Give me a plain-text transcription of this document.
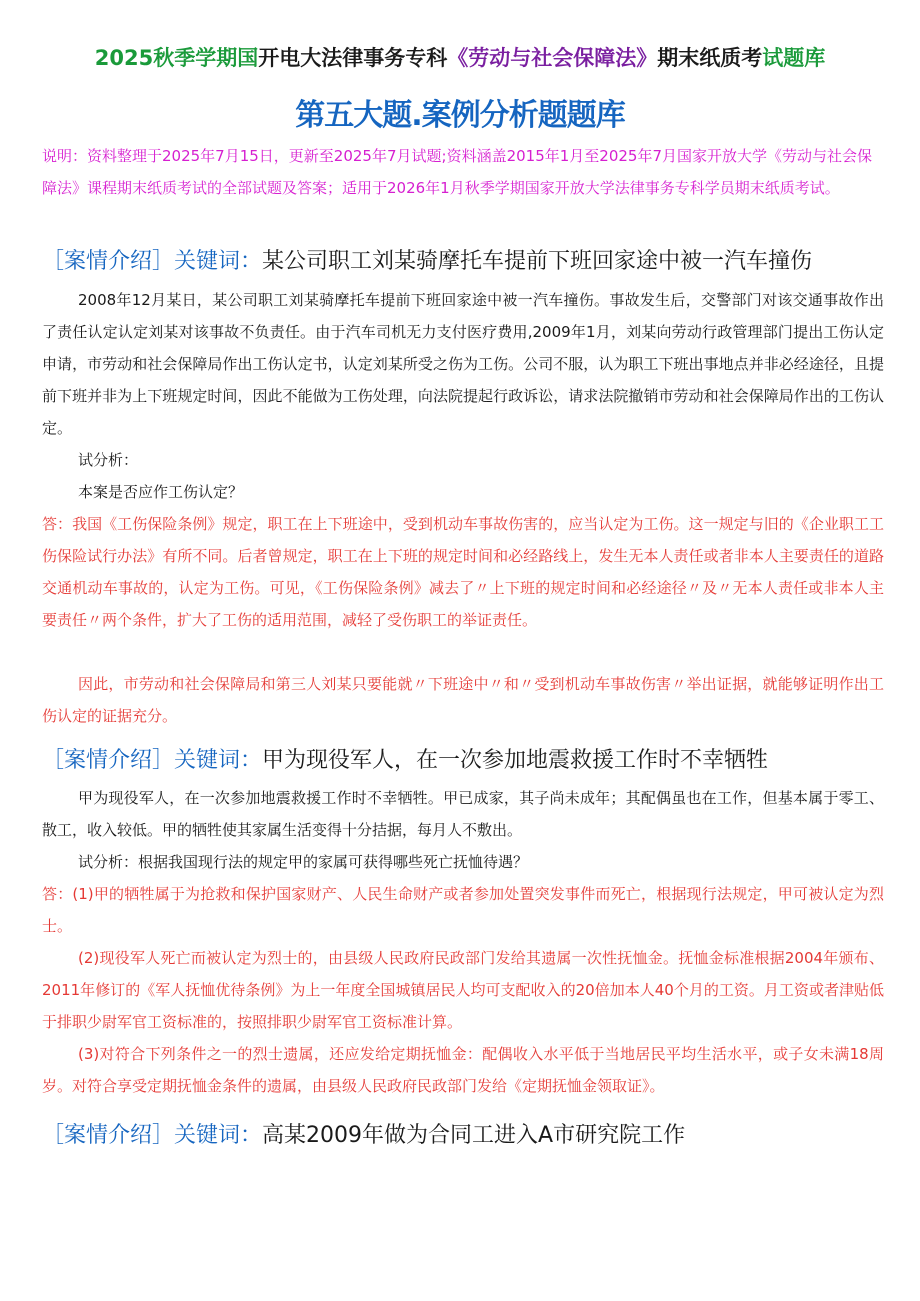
2025秋季学期国开电大法律事务专科《劳动与社会保障法》期末纸质考试题库
第五大题.案例分析题题库
说明：资料整理于2025年7月15日，更新至2025年7月试题;资料涵盖2015年1月至2025年7月国家开放大学《劳动与社会保障法》课程期末纸质考试的全部试题及答案；适用于2026年1月秋季学期国家开放大学法律事务专科学员期末纸质考试。
［案情介绍］关键词：某公司职工刘某骑摩托车提前下班回家途中被一汽车撞伤
2008年12月某日，某公司职工刘某骑摩托车提前下班回家途中被一汽车撞伤。事故发生后，交警部门对该交通事故作出了责任认定认定刘某对该事故不负责任。由于汽车司机无力支付医疗费用,2009年1月，刘某向劳动行政管理部门提出工伤认定申请，市劳动和社会保障局作出工伤认定书，认定刘某所受之伤为工伤。公司不服，认为职工下班出事地点并非必经途径，且提前下班并非为上下班规定时间，因此不能做为工伤处理，向法院提起行政诉讼，请求法院撤销市劳动和社会保障局作出的工伤认定。
试分析：
本案是否应作工伤认定？
答：我国《工伤保险条例》规定，职工在上下班途中，受到机动车事故伤害的，应当认定为工伤。这一规定与旧的《企业职工工伤保险试行办法》有所不同。后者曾规定，职工在上下班的规定时间和必经路线上，发生无本人责任或者非本人主要责任的道路交通机动车事故的，认定为工伤。可见，《工伤保险条例》减去了〃上下班的规定时间和必经途径〃及〃无本人责任或非本人主要责任〃两个条件，扩大了工伤的适用范围，减轻了受伤职工的举证责任。
因此，市劳动和社会保障局和第三人刘某只要能就〃下班途中〃和〃受到机动车事故伤害〃举出证据，就能够证明作出工伤认定的证据充分。
［案情介绍］关键词：甲为现役军人，在一次参加地震救援工作时不幸牺牲
甲为现役军人，在一次参加地震救援工作时不幸牺牲。甲已成家，其子尚未成年；其配偶虽也在工作，但基本属于零工、散工，收入较低。甲的牺牲使其家属生活变得十分拮据，每月人不敷出。
试分析：根据我国现行法的规定甲的家属可获得哪些死亡抚恤待遇？
答：(1)甲的牺牲属于为抢救和保护国家财产、人民生命财产或者参加处置突发事件而死亡，根据现行法规定，甲可被认定为烈士。
(2)现役军人死亡而被认定为烈士的，由县级人民政府民政部门发给其遗属一次性抚恤金。抚恤金标准根据2004年颁布、2011年修订的《军人抚恤优待条例》为上一年度全国城镇居民人均可支配收入的20倍加本人40个月的工资。月工资或者津贴低于排职少尉军官工资标准的，按照排职少尉军官工资标准计算。
(3)对符合下列条件之一的烈士遗属，还应发给定期抚恤金：配偶收入水平低于当地居民平均生活水平，或子女未满18周岁。对符合享受定期抚恤金条件的遗属，由县级人民政府民政部门发给《定期抚恤金领取证》。
［案情介绍］关键词：高某2009年做为合同工进入A市研究院工作
